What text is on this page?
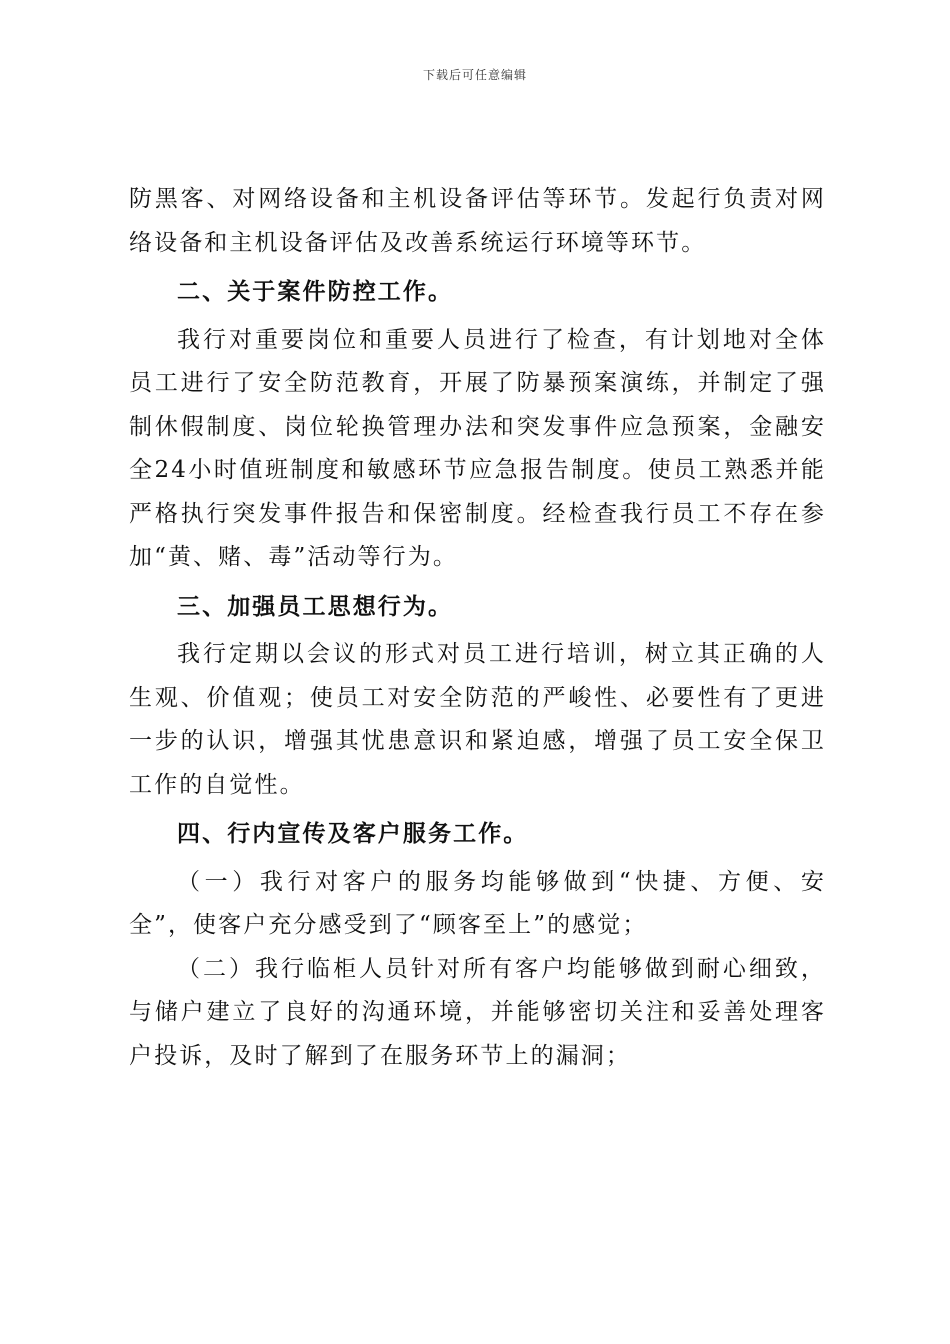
下载后可任意编辑

防黑客、对网络设备和主机设备评估等环节。发起行负责对网络设备和主机设备评估及改善系统运行环境等环节。

二、关于案件防控工作。

我行对重要岗位和重要人员进行了检查，有计划地对全体员工进行了安全防范教育，开展了防暴预案演练，并制定了强制休假制度、岗位轮换管理办法和突发事件应急预案，金融安全24小时值班制度和敏感环节应急报告制度。使员工熟悉并能严格执行突发事件报告和保密制度。经检查我行员工不存在参加“黄、赌、毒”活动等行为。

三、加强员工思想行为。

我行定期以会议的形式对员工进行培训，树立其正确的人生观、价值观；使员工对安全防范的严峻性、必要性有了更进一步的认识，增强其忧患意识和紧迫感，增强了员工安全保卫工作的自觉性。

四、行内宣传及客户服务工作。

（一）我行对客户的服务均能够做到“快捷、方便、安全”，使客户充分感受到了“顾客至上”的感觉；

（二）我行临柜人员针对所有客户均能够做到耐心细致，与储户建立了良好的沟通环境，并能够密切关注和妥善处理客户投诉，及时了解到了在服务环节上的漏洞；
